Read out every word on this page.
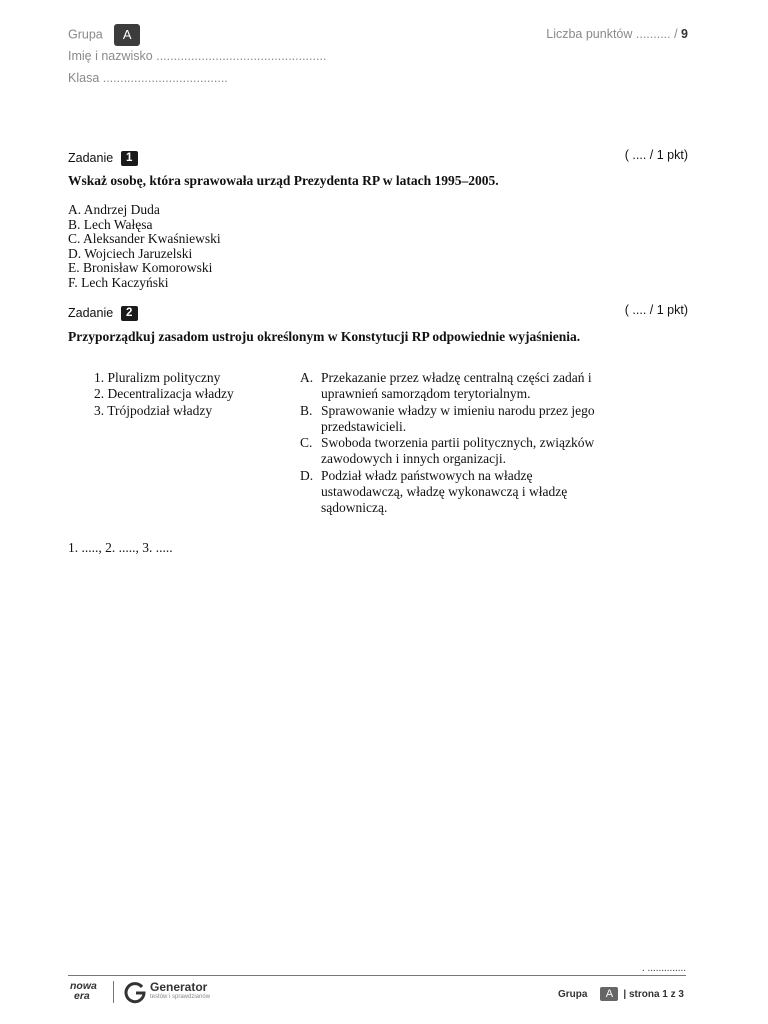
Grupa A
Imię i nazwisko .................................................
Klasa ....................................
Liczba punktów .......... / 9
Zadanie 1	( .... / 1 pkt)
Wskaż osobę, która sprawowała urząd Prezydenta RP w latach 1995–2005.
A. Andrzej Duda
B. Lech Wałęsa
C. Aleksander Kwaśniewski
D. Wojciech Jaruzelski
E. Bronisław Komorowski
F. Lech Kaczyński
Zadanie 2	( .... / 1 pkt)
Przyporządkuj zasadom ustroju określonym w Konstytucji RP odpowiednie wyjaśnienia.
1. Pluralizm polityczny
2. Decentralizacja władzy
3. Trójpodział władzy
A. Przekazanie przez władzę centralną części zadań i uprawnień samorządom terytorialnym.
B. Sprawowanie władzy w imieniu narodu przez jego przedstawicieli.
C. Swoboda tworzenia partii politycznych, związków zawodowych i innych organizacji.
D. Podział władz państwowych na władzę ustawodawczą, władzę wykonawczą i władzę sądowniczą.
1. ....., 2. ....., 3. .....
. ..............
nowa
era
Generator
testów i sprawdzianów	Grupa	A	| strona 1 z 3
